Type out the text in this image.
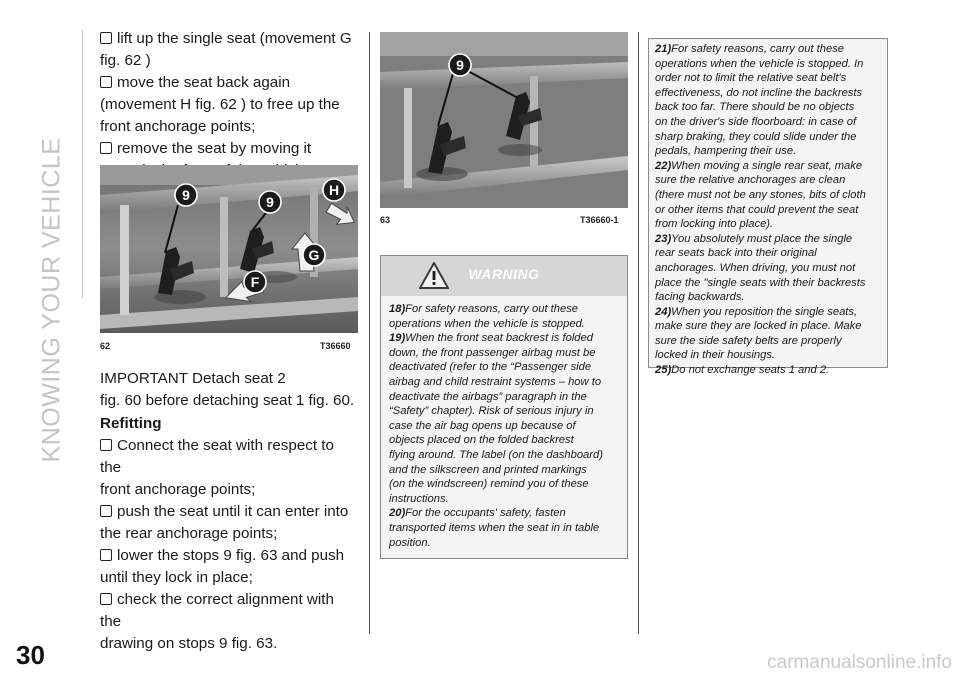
KNOWING YOUR VEHICLE
lift up the single seat (movement G
fig. 62 )
move the seat back again
(movement H fig. 62 ) to free up the
front anchorage points;
remove the seat by moving it
9	9
H
G
F
62	T36660
IMPORTANT Detach seat 2
fig. 60 before detaching seat 1 fig. 60.
Refitting
Connect the seat with respect to the
front anchorage points;
push the seat until it can enter into
the rear anchorage points;
lower the stops 9 fig. 63 and push
until they lock in place;
check the correct alignment with the
drawing on stops 9 fig. 63.
9
63	T36660-1
WARNING
18)For safety reasons, carry out these
operations when the vehicle is stopped.
19)When the front seat backrest is folded
down, the front passenger airbag must be
deactivated (refer to the “Passenger side
airbag and child restraint systems – how to
deactivate the airbags” paragraph in the
“Safety” chapter). Risk of serious injury in
case the air bag opens up because of
objects placed on the folded backrest
flying around. The label (on the dashboard)
and the silkscreen and printed markings
(on the windscreen) remind you of these
instructions.
20)For the occupants' safety, fasten
transported items when the seat in in table
position.
21)For safety reasons, carry out these
operations when the vehicle is stopped. In
order not to limit the relative seat belt's
effectiveness, do not incline the backrests
back too far. There should be no objects
on the driver's side floorboard: in case of
sharp braking, they could slide under the
pedals, hampering their use.
22)When moving a single rear seat, make
sure the relative anchorages are clean
(there must not be any stones, bits of cloth
or other items that could prevent the seat
from locking into place).
23)You absolutely must place the single
rear seats back into their original
anchorages. When driving, you must not
place the "single seats with their backrests
facing backwards.
24)When you reposition the single seats,
make sure they are locked in place. Make
sure the side safety belts are properly
locked in their housings.
25)Do not exchange seats 1 and 2.
30	carmanualsonline.info
